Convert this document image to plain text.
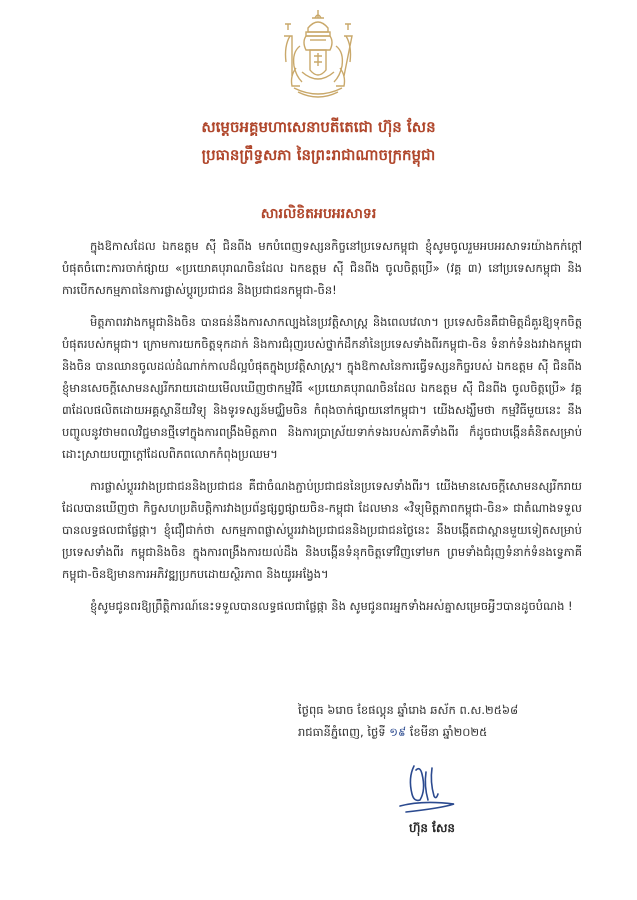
សម្តេចអគ្គមហាសេនាបតីតេជោ ហ៊ុន សែន
ប្រធានព្រឹទ្ធសភា នៃព្រះរាជាណាចក្រកម្ពុជា
សារលិខិតអបអរសាទរ

ក្នុងឱកាសដែល ឯកឧត្តម ស៊ី ជិនពីង មកបំពេញទស្សនកិច្ចនៅប្រទេសកម្ពុជា ខ្ញុំសូមចូលរួមអបអរសាទរយ៉ាងកក់ក្តៅបំផុតចំពោះការចាក់ផ្សាយ «ប្រយោគបុរាណចិនដែល ឯកឧត្តម ស៊ី ជិនពីង ចូលចិត្តប្រើ» (វគ្គ ៣) នៅប្រទេសកម្ពុជា និងការបើកសកម្មភាពនៃការផ្លាស់ប្តូរប្រជាជន និងប្រជាជនកម្ពុជា-ចិន!

មិត្តភាពរវាងកម្ពុជានិងចិន បានធន់នឹងការសាកល្បងនៃប្រវត្តិសាស្ត្រ និងពេលវេលា។ ប្រទេសចិនគឺជាមិត្តដ៏គួរឱ្យទុកចិត្តបំផុតរបស់កម្ពុជា។ ក្រោមការយកចិត្តទុកដាក់ និងការជំរុញរបស់ថ្នាក់ដឹកនាំនៃប្រទេសទាំងពីរកម្ពុជា-ចិន ទំនាក់ទំនងរវាងកម្ពុជានិងចិន បានឈានចូលដល់ដំណាក់កាលដ៏ល្អបំផុតក្នុងប្រវត្តិសាស្ត្រ។ ក្នុងឱកាសនៃការធ្វើទស្សនកិច្ចរបស់ ឯកឧត្តម ស៊ី ជិនពីង ខ្ញុំមានសេចក្តីសោមនស្សរីករាយដោយមើលឃើញថាកម្មវិធី «ប្រយោគបុរាណចិនដែល ឯកឧត្តម ស៊ី ជិនពីង ចូលចិត្តប្រើ» វគ្គ ៣ដែលផលិតដោយអគ្គស្ថានីយវិទ្យុ និងទូរទស្សន៍មជ្ឈិមចិន កំពុងចាក់ផ្សាយនៅកម្ពុជា។ យើងសង្ឃឹមថា កម្មវិធីមួយនេះ នឹងបញ្ចូលនូវថាមពលវិជ្ជមានថ្មីទៅក្នុងការពង្រឹងមិត្តភាព និងការប្រាស្រ័យទាក់ទងរបស់ភាគីទាំងពីរ ក៏ដូចជាបង្កើនគំនិតសម្រាប់ដោះស្រាយបញ្ហាក្តៅដែលពិភពលោកកំពុងប្រឈម។

ការផ្លាស់ប្តូររវាងប្រជាជននិងប្រជាជន គឺជាចំណងភ្ជាប់ប្រជាជននៃប្រទេសទាំងពីរ។ យើងមានសេចក្តីសោមនស្សរីករាយដែលបានឃើញថា កិច្ចសហប្រតិបត្តិការវាងប្រព័ន្ធផ្សព្វផ្សាយចិន-កម្ពុជា ដែលមាន «វិទ្យុមិត្តភាពកម្ពុជា-ចិន» ជាតំណាងទទួលបានលទ្ធផលជាផ្លែផ្កា។ ខ្ញុំជឿជាក់ថា សកម្មភាពផ្លាស់ប្តូររវាងប្រជាជននិងប្រជាជនថ្ងៃនេះ នឹងបង្កើតជាស្ពានមួយទៀតសម្រាប់ប្រទេសទាំងពីរ កម្ពុជានិងចិន ក្នុងការពង្រឹងការយល់ដឹង និងបង្កើនទំនុកចិត្តទៅវិញទៅមក ព្រមទាំងជំរុញទំនាក់ទំនងទ្វេភាគី កម្ពុជា-ចិនឱ្យមានការអភិវឌ្ឍប្រកបដោយស្ថិរភាព និងយូរអង្វែង។

ខ្ញុំសូមជូនពរឱ្យព្រឹត្តិការណ៍នេះទទួលបានលទ្ធផលជាផ្លែផ្កា និង សូមជូនពរអ្នកទាំងអស់គ្នាសម្រេចអ្វីៗបានដូចបំណង !

ថ្ងៃពុធ ៦រោច ខែផល្គុន ឆ្នាំរោង ឆស័ក ព.ស.២៥៦៨
រាជធានីភ្នំពេញ, ថ្ងៃទី ១៩ ខែមីនា ឆ្នាំ២០២៥
ហ៊ុន សែន
